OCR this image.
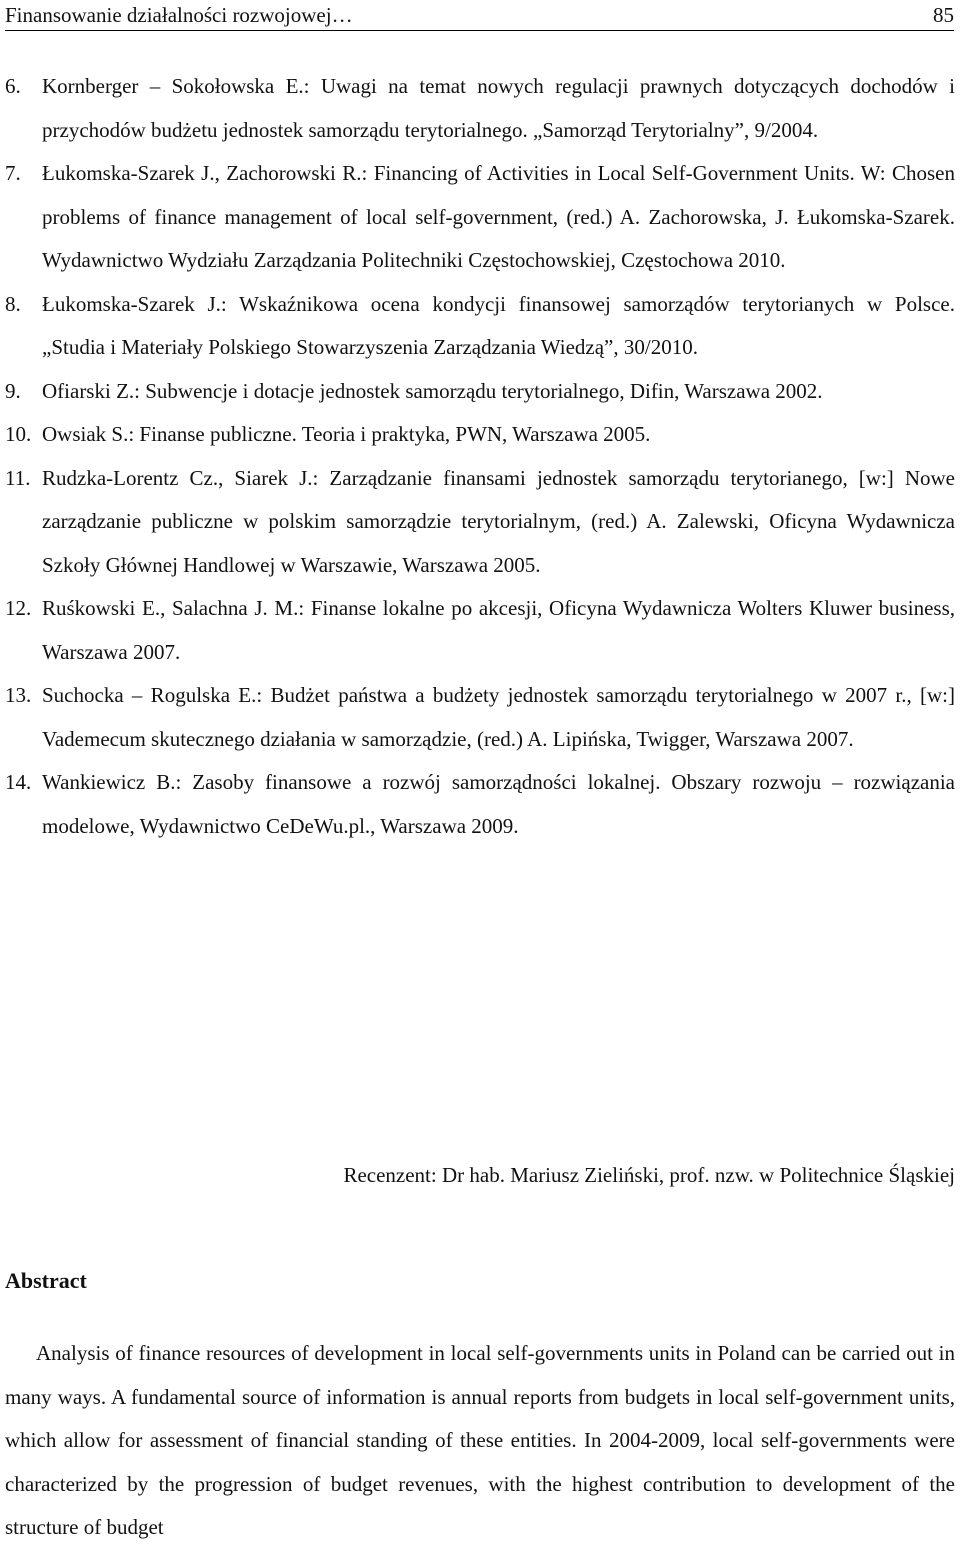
Finansowanie działalności rozwojowej…	85
6. Kornberger – Sokołowska E.: Uwagi na temat nowych regulacji prawnych dotyczących dochodów i przychodów budżetu jednostek samorządu terytorialnego. „Samorząd Terytorialny”, 9/2004.
7. Łukomska-Szarek J., Zachorowski R.: Financing of Activities in Local Self-Government Units. W: Chosen problems of finance management of local self-government, (red.) A. Zachorowska, J. Łukomska-Szarek. Wydawnictwo Wydziału Zarządzania Politechniki Częstochowskiej, Częstochowa 2010.
8. Łukomska-Szarek J.: Wskaźnikowa ocena kondycji finansowej samorządów terytorianych w Polsce. „Studia i Materiały Polskiego Stowarzyszenia Zarządzania Wiedzą”, 30/2010.
9. Ofiarski Z.: Subwencje i dotacje jednostek samorządu terytorialnego, Difin, Warszawa 2002.
10. Owsiak S.: Finanse publiczne. Teoria i praktyka, PWN, Warszawa 2005.
11. Rudzka-Lorentz Cz., Siarek J.: Zarządzanie finansami jednostek samorządu terytorianego, [w:] Nowe zarządzanie publiczne w polskim samorządzie terytorialnym, (red.) A. Zalewski, Oficyna Wydawnicza Szkoły Głównej Handlowej w Warszawie, Warszawa 2005.
12. Ruśkowski E., Salachna J. M.: Finanse lokalne po akcesji, Oficyna Wydawnicza Wolters Kluwer business, Warszawa 2007.
13. Suchocka – Rogulska E.: Budżet państwa a budżety jednostek samorządu terytorialnego w 2007 r., [w:] Vademecum skutecznego działania w samorządzie, (red.) A. Lipińska, Twigger, Warszawa 2007.
14. Wankiewicz B.: Zasoby finansowe a rozwój samorządności lokalnej. Obszary rozwoju – rozwiązania modelowe, Wydawnictwo CeDeWu.pl., Warszawa 2009.
Recenzent: Dr hab. Mariusz Zieliński, prof. nzw. w Politechnice Śląskiej
Abstract
Analysis of finance resources of development in local self-governments units in Poland can be carried out in many ways. A fundamental source of information is annual reports from budgets in local self-government units, which allow for assessment of financial standing of these entities. In 2004-2009, local self-governments were characterized by the progression of budget revenues, with the highest contribution to development of the structure of budget
